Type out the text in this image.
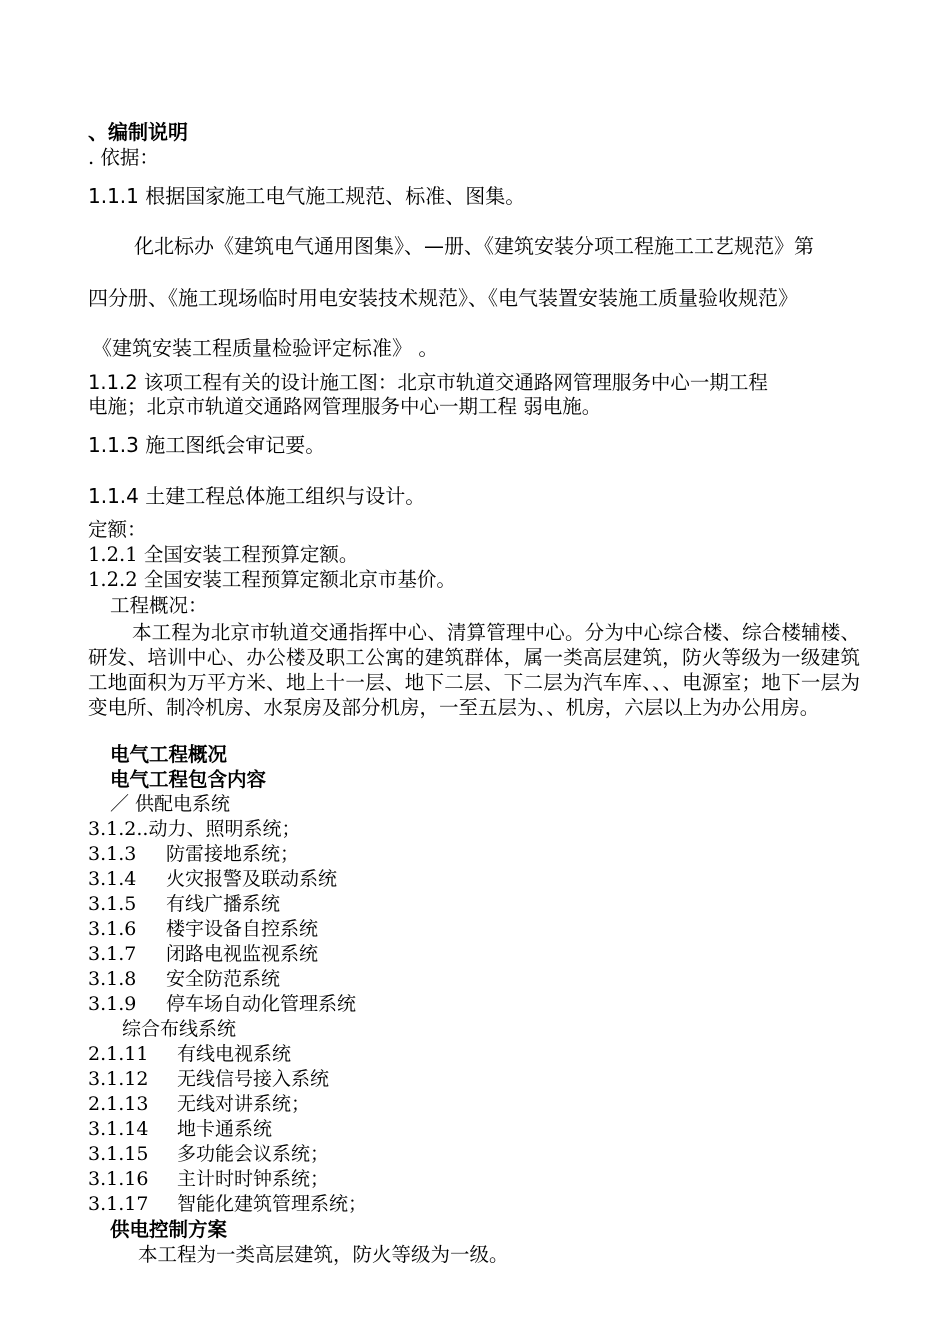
、编制说明
. 依据：
1.1.1 根据国家施工电气施工规范、标准、图集。
化北标办《建筑电气通用图集》、—册、《建筑安装分项工程施工工艺规范》第
四分册、《施工现场临时用电安装技术规范》、《电气装置安装施工质量验收规范》
《建筑安装工程质量检验评定标准》 。
1.1.2 该项工程有关的设计施工图：北京市轨道交通路网管理服务中心一期工程
电施；北京市轨道交通路网管理服务中心一期工程 弱电施。
1.1.3 施工图纸会审记要。
1.1.4 土建工程总体施工组织与设计。
定额：
1.2.1 全国安装工程预算定额。
1.2.2 全国安装工程预算定额北京市基价。
工程概况：
本工程为北京市轨道交通指挥中心、清算管理中心。分为中心综合楼、综合楼辅楼、研发、培训中心、办公楼及职工公寓的建筑群体，属一类高层建筑，防火等级为一级建筑工地面积为万平方米、地上十一层、地下二层、下二层为汽车库、、、电源室；地下一层为变电所、制冷机房、水泵房及部分机房，一至五层为、、机房，六层以上为办公用房。
电气工程概况
电气工程包含内容
／ 供配电系统
3.1.2..动力、照明系统；
3.1.3 防雷接地系统；
3.1.4 火灾报警及联动系统
3.1.5 有线广播系统
3.1.6 楼宇设备自控系统
3.1.7 闭路电视监视系统
3.1.8 安全防范系统
3.1.9 停车场自动化管理系统
综合布线系统
2.1.11 有线电视系统
3.1.12 无线信号接入系统
2.1.13 无线对讲系统；
3.1.14 地卡通系统
3.1.15 多功能会议系统；
3.1.16 主计时时钟系统；
3.1.17 智能化建筑管理系统；
供电控制方案
本工程为一类高层建筑，防火等级为一级。
